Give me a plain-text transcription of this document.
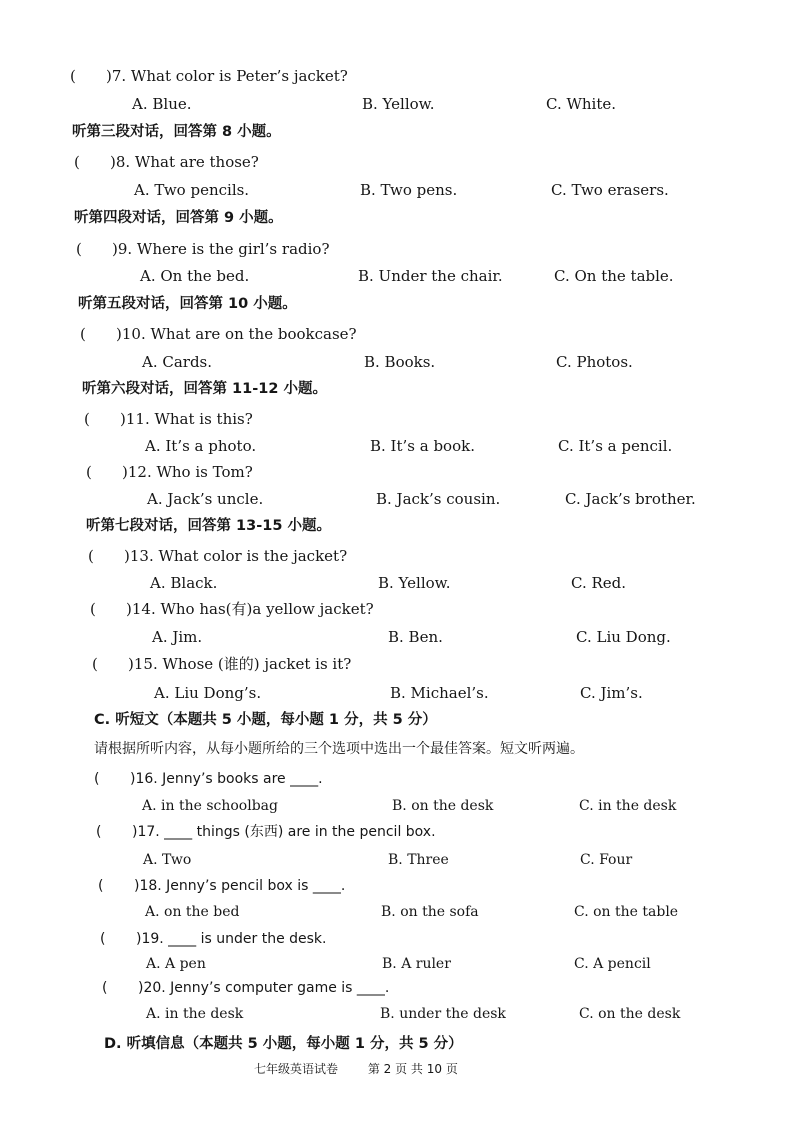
( )7. What color is Peter’s jacket?
A. Blue.	B. Yellow.	C. White.
听第三段对话，回答第 8 小题。
( )8. What are those?
A. Two pencils.	B. Two pens.	C. Two erasers.
听第四段对话，回答第 9 小题。
( )9. Where is the girl’s radio?
A. On the bed.	B. Under the chair.	C. On the table.
听第五段对话，回答第 10 小题。
( )10. What are on the bookcase?
A. Cards.	B. Books.	C. Photos.
听第六段对话，回答第 11-12 小题。
( )11. What is this?
A. It’s a photo.	B. It’s a book.	C. It’s a pencil.
( )12. Who is Tom?
A. Jack’s uncle.	B. Jack’s cousin.	C. Jack’s brother.
听第七段对话，回答第 13-15 小题。
( )13. What color is the jacket?
A. Black.	B. Yellow.	C. Red.
( )14. Who has(有)a yellow jacket?
A. Jim.	B. Ben.	C. Liu Dong.
( )15. Whose (谁的) jacket is it?
A. Liu Dong’s.	B. Michael’s.	C. Jim’s.
C. 听短文（本题共 5 小题，每小题 1 分，共 5 分）
请根据所听内容，从每小题所给的三个选项中选出一个最佳答案。短文听两遍。
( )16. Jenny’s books are ____.
A. in the schoolbag	B. on the desk	C. in the desk
( )17. ____ things (东西) are in the pencil box.
A. Two	B. Three	C. Four
( )18. Jenny’s pencil box is ____.
A. on the bed	B. on the sofa	C. on the table
( )19. ____ is under the desk.
A. A pen	B. A ruler	C. A pencil
( )20. Jenny’s computer game is ____.
A. in the desk	B. under the desk	C. on the desk
D. 听填信息（本题共 5 小题，每小题 1 分，共 5 分）
七年级英语试卷 第 2 页 共 10 页
